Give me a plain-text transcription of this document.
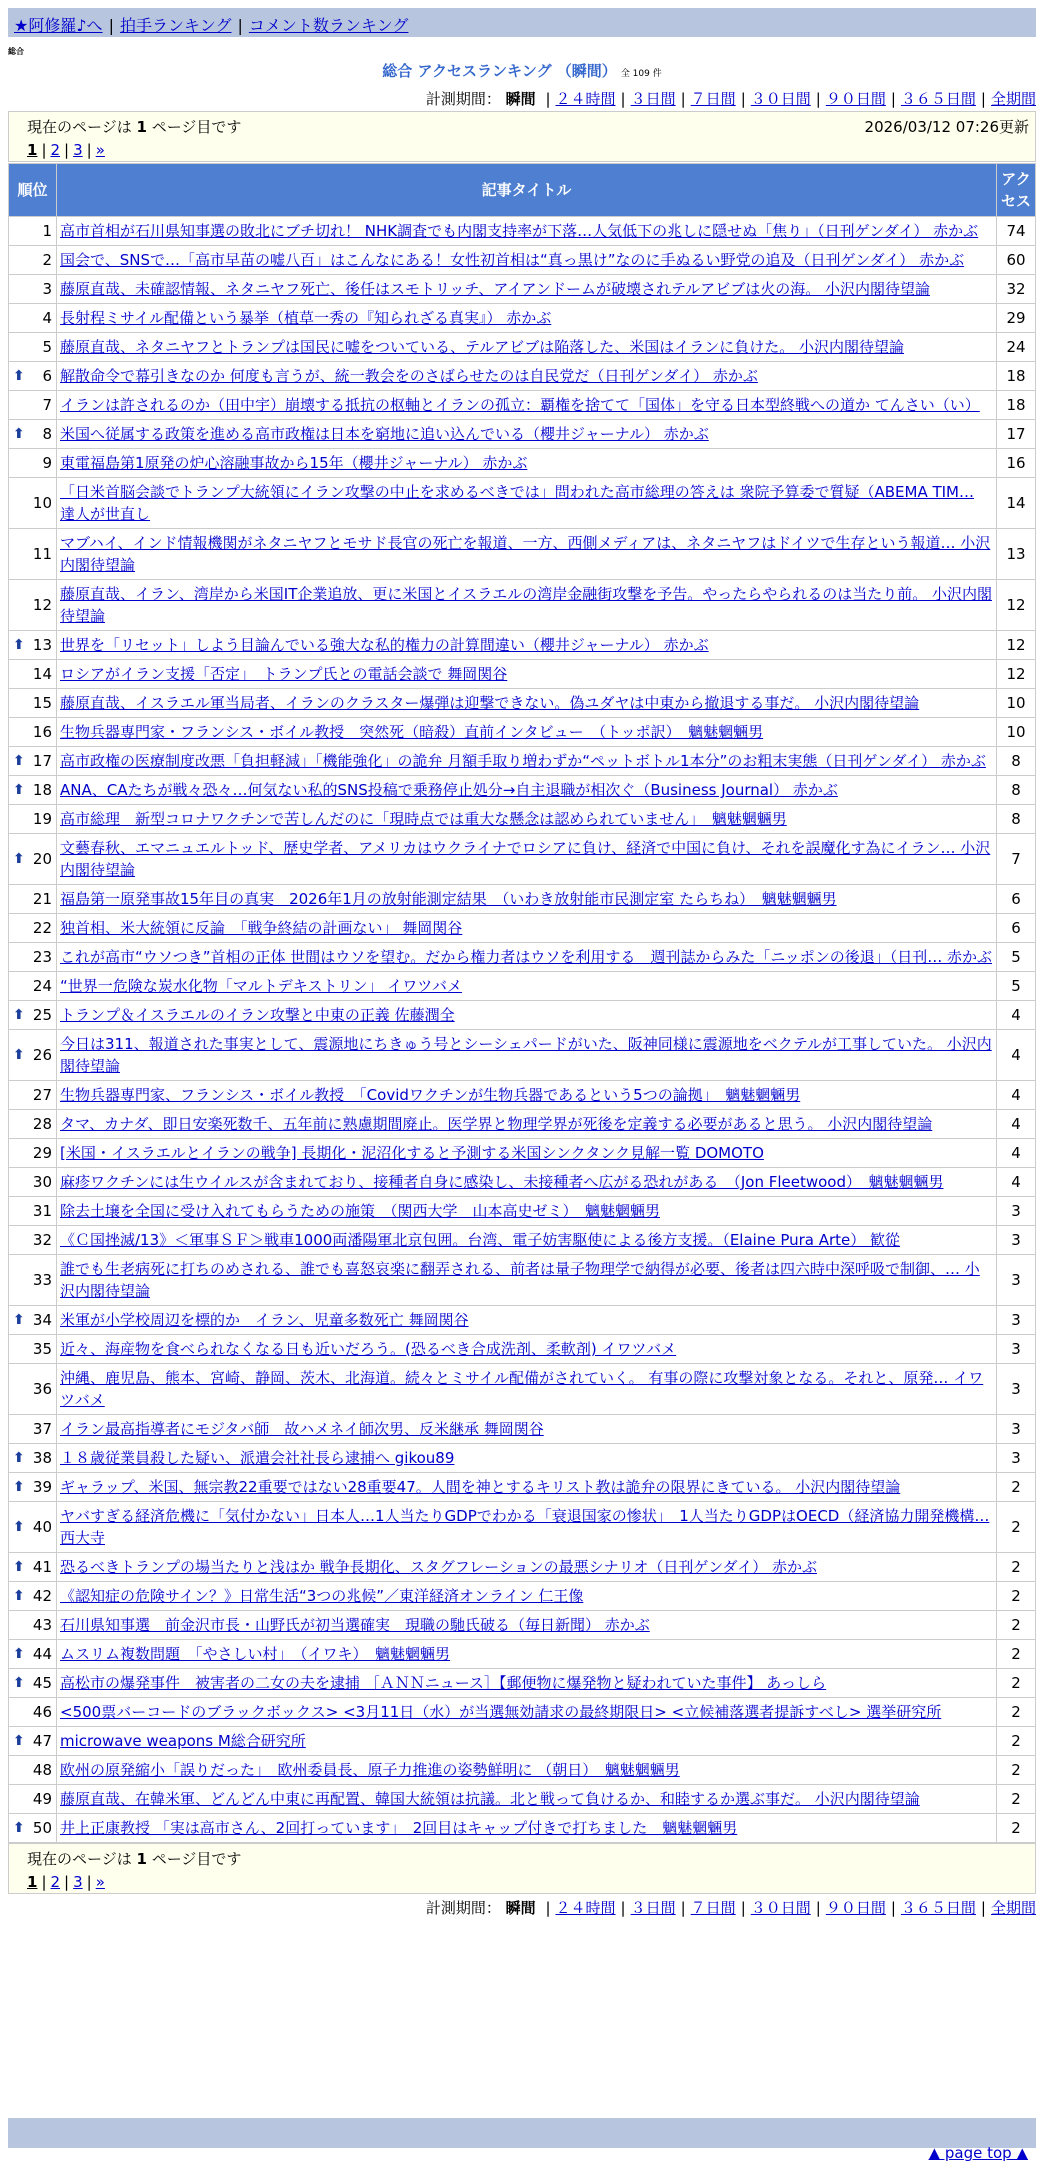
★阿修羅♪へ | 拍手ランキング | コメント数ランキング
総合
総合 アクセスランキング （瞬間） 全 109 件
計測期間： 瞬間 | ２４時間 | ３日間 | ７日間 | ３０日間 | ９０日間 | ３６５日間 | 全期間
現在のページは 1 ページ目です	2026/03/12 07:26更新
1 | 2 | 3 | »
順位	記事タイトル	アクセス
1	高市首相が石川県知事選の敗北にブチ切れ！ NHK調査でも内閣支持率が下落…人気低下の兆しに隠せぬ「焦り」（日刊ゲンダイ） 赤かぶ	74
2	国会で、SNSで…「高市早苗の嘘八百」はこんなにある！女性初首相は“真っ黒け”なのに手ぬるい野党の追及（日刊ゲンダイ） 赤かぶ	60
3	藤原直哉、未確認情報、ネタニヤフ死亡、後任はスモトリッチ、アイアンドームが破壊されテルアビブは火の海。 小沢内閣待望論	32
4	長射程ミサイル配備という暴挙（植草一秀の『知られざる真実』） 赤かぶ	29
5	藤原直哉、ネタニヤフとトランプは国民に嘘をついている、テルアビブは陥落した、米国はイランに負けた。 小沢内閣待望論	24

⬆ 6	解散命令で幕引きなのか 何度も言うが、統一教会をのさばらせたのは自民党だ（日刊ゲンダイ） 赤かぶ	18
7	イランは許されるのか（田中宇）崩壊する抵抗の枢軸とイランの孤立：覇権を捨てて「国体」を守る日本型終戦への道か てんさい（い）	18

⬆ 8	米国へ従属する政策を進める高市政権は日本を窮地に追い込んでいる（櫻井ジャーナル） 赤かぶ	17
9	東電福島第1原発の炉心溶融事故から15年（櫻井ジャーナル） 赤かぶ	16
10	「日米首脳会談でトランプ大統領にイラン攻撃の中止を求めるべきでは」問われた高市総理の答えは 衆院予算委で質疑（ABEMA TIM… 達人が世直し	14
11	マブハイ、インド情報機関がネタニヤフとモサド長官の死亡を報道、一方、西側メディアは、ネタニヤフはドイツで生存という報道… 小沢内閣待望論	13
12	藤原直哉、イラン、湾岸から米国IT企業追放、更に米国とイスラエルの湾岸金融街攻撃を予告。やったらやられるのは当たり前。 小沢内閣待望論	12

⬆ 13	世界を「リセット」しよう目論んでいる強大な私的権力の計算間違い（櫻井ジャーナル） 赤かぶ	12
14	ロシアがイラン支援「否定」　トランプ氏との電話会談で 舞岡関谷	12
15	藤原直哉、イスラエル軍当局者、イランのクラスター爆弾は迎撃できない。偽ユダヤは中東から撤退する事だ。 小沢内閣待望論	10
16	生物兵器専門家・フランシス・ボイル教授　突然死（暗殺）直前インタビュー　（トッポ訳）　魑魅魍魎男	10

⬆ 17	高市政権の医療制度改悪「負担軽減」「機能強化」の詭弁 月額手取り増わずか“ペットボトル1本分”のお粗末実態（日刊ゲンダイ） 赤かぶ	8

⬆ 18	ANA、CAたちが戦々恐々…何気ない私的SNS投稿で乗務停止処分→自主退職が相次ぐ（Business Journal） 赤かぶ	8
19	高市総理　新型コロナワクチンで苦しんだのに「現時点では重大な懸念は認められていません」　魑魅魍魎男	8

⬆ 20	文藝春秋、エマニュエルトッド、歴史学者、アメリカはウクライナでロシアに負け、経済で中国に負け、それを誤魔化す為にイラン… 小沢内閣待望論	7
21	福島第一原発事故15年目の真実　2026年1月の放射能測定結果　（いわき放射能市民測定室 たらちね）　魑魅魍魎男	6
22	独首相、米大統領に反論　「戦争終結の計画ない」 舞岡関谷	6
23	これが高市“ウソつき”首相の正体 世間はウソを望む。だから権力者はウソを利用する　週刊誌からみた「ニッポンの後退」（日刊… 赤かぶ	5
24	“世界一危険な炭水化物「マルトデキストリン」 イワツバメ	5

⬆ 25	トランプ＆イスラエルのイラン攻撃と中東の正義 佐藤潤全	4

⬆ 26	今日は311、報道された事実として、震源地にちきゅう号とシーシェパードがいた、阪神同様に震源地をベクテルが工事していた。 小沢内閣待望論	4
27	生物兵器専門家、フランシス・ボイル教授　「Covidワクチンが生物兵器であるという5つの論拠」　魑魅魍魎男	4
28	タマ、カナダ、即日安楽死数千、五年前に熟慮期間廃止。医学界と物理学界が死後を定義する必要があると思う。 小沢内閣待望論	4
29	[米国・イスラエルとイランの戦争] 長期化・泥沼化すると予測する米国シンクタンク見解一覧 DOMOTO	4
30	麻疹ワクチンには生ウイルスが含まれており、接種者自身に感染し、未接種者へ広がる恐れがある　（Jon Fleetwood）　魑魅魍魎男	4
31	除去土壌を全国に受け入れてもらうための施策　（関西大学　山本高史ゼミ）　魑魅魍魎男	3
32	《Ｃ国挫滅/13》＜軍事ＳＦ＞戦車1000両潘陽軍北京包囲。台湾、電子妨害駆使による後方支援。（Elaine Pura Arte） 歓從	3
33	誰でも生老病死に打ちのめされる、誰でも喜怒哀楽に翻弄される、前者は量子物理学で納得が必要、後者は四六時中深呼吸で制御、… 小沢内閣待望論	3

⬆ 34	米軍が小学校周辺を標的か　イラン、児童多数死亡 舞岡関谷	3
35	近々、海産物を食べられなくなる日も近いだろう。(恐るべき合成洗剤、柔軟剤) イワツバメ	3
36	沖縄、鹿児島、熊本、宮崎、静岡、茨木、北海道。続々とミサイル配備がされていく。 有事の際に攻撃対象となる。それと、原発… イワツバメ	3
37	イラン最高指導者にモジタバ師　故ハメネイ師次男、反米継承 舞岡関谷	3

⬆ 38	１８歳従業員殺した疑い、派遣会社社長ら逮捕へ gikou89	3

⬆ 39	ギャラップ、米国、無宗教22重要ではない28重要47。人間を神とするキリスト教は詭弁の限界にきている。 小沢内閣待望論	2

⬆ 40	ヤバすぎる経済危機に「気付かない」日本人…1人当たりGDPでわかる「衰退国家の惨状」　1人当たりGDPはOECD（経済協力開発機構… 西大寺	2

⬆ 41	恐るべきトランプの場当たりと浅はか 戦争長期化、スタグフレーションの最悪シナリオ（日刊ゲンダイ） 赤かぶ	2

⬆ 42	《認知症の危険サイン？》日常生活“3つの兆候”／東洋経済オンライン 仁王像	2
43	石川県知事選　前金沢市長・山野氏が初当選確実　現職の馳氏破る（毎日新聞） 赤かぶ	2

⬆ 44	ムスリム複数問題　「やさしい村」　（イワキ）　魑魅魍魎男	2

⬆ 45	高松市の爆発事件　被害者の二女の夫を逮捕 ［ＡＮＮニュース］【郵便物に爆発物と疑われていた事件】 あっしら	2
46	<500票バーコードのブラックボックス> <3月11日（水）が当選無効請求の最終期限日> <立候補落選者提訴すべし> 選挙研究所	2

⬆ 47	microwave weapons M総合研究所	2
48	欧州の原発縮小「誤りだった」　欧州委員長、原子力推進の姿勢鮮明に （朝日）　魑魅魍魎男	2
49	藤原直哉、在韓米軍、どんどん中東に再配置、韓国大統領は抗議。北と戦って負けるか、和睦するか選ぶ事だ。 小沢内閣待望論	2

⬆ 50	井上正康教授 「実は高市さん、2回打っています」　2回目はキャップ付きで打ちました　魑魅魍魎男	2
現在のページは 1 ページ目です
1 | 2 | 3 | »
計測期間： 瞬間 | ２４時間 | ３日間 | ７日間 | ３０日間 | ９０日間 | ３６５日間 | 全期間
▲ page top ▲
